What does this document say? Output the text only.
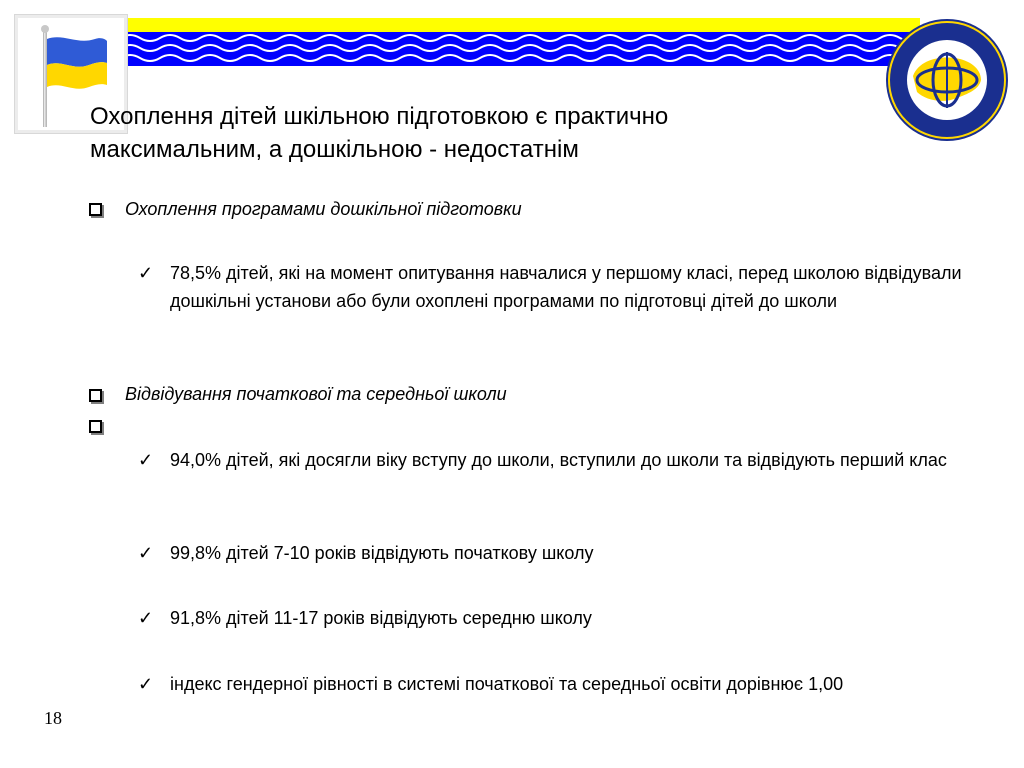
Охоплення дітей шкільною підготовкою є практично максимальним, а дошкільною - недостатнім
Охоплення програмами дошкільної підготовки
✓ 78,5% дітей, які на момент опитування навчалися у першому класі, перед школою відвідували дошкільні установи або були охоплені програмами по підготовці дітей до школи
Відвідування початкової та середньої школи
✓ 94,0% дітей, які досягли віку вступу до школи, вступили до школи та відвідують перший клас
✓ 99,8% дітей 7-10 років відвідують початкову школу
✓ 91,8% дітей 11-17 років відвідують середню школу
✓ індекс гендерної рівності в системі початкової та середньої освіти дорівнює 1,00
18
